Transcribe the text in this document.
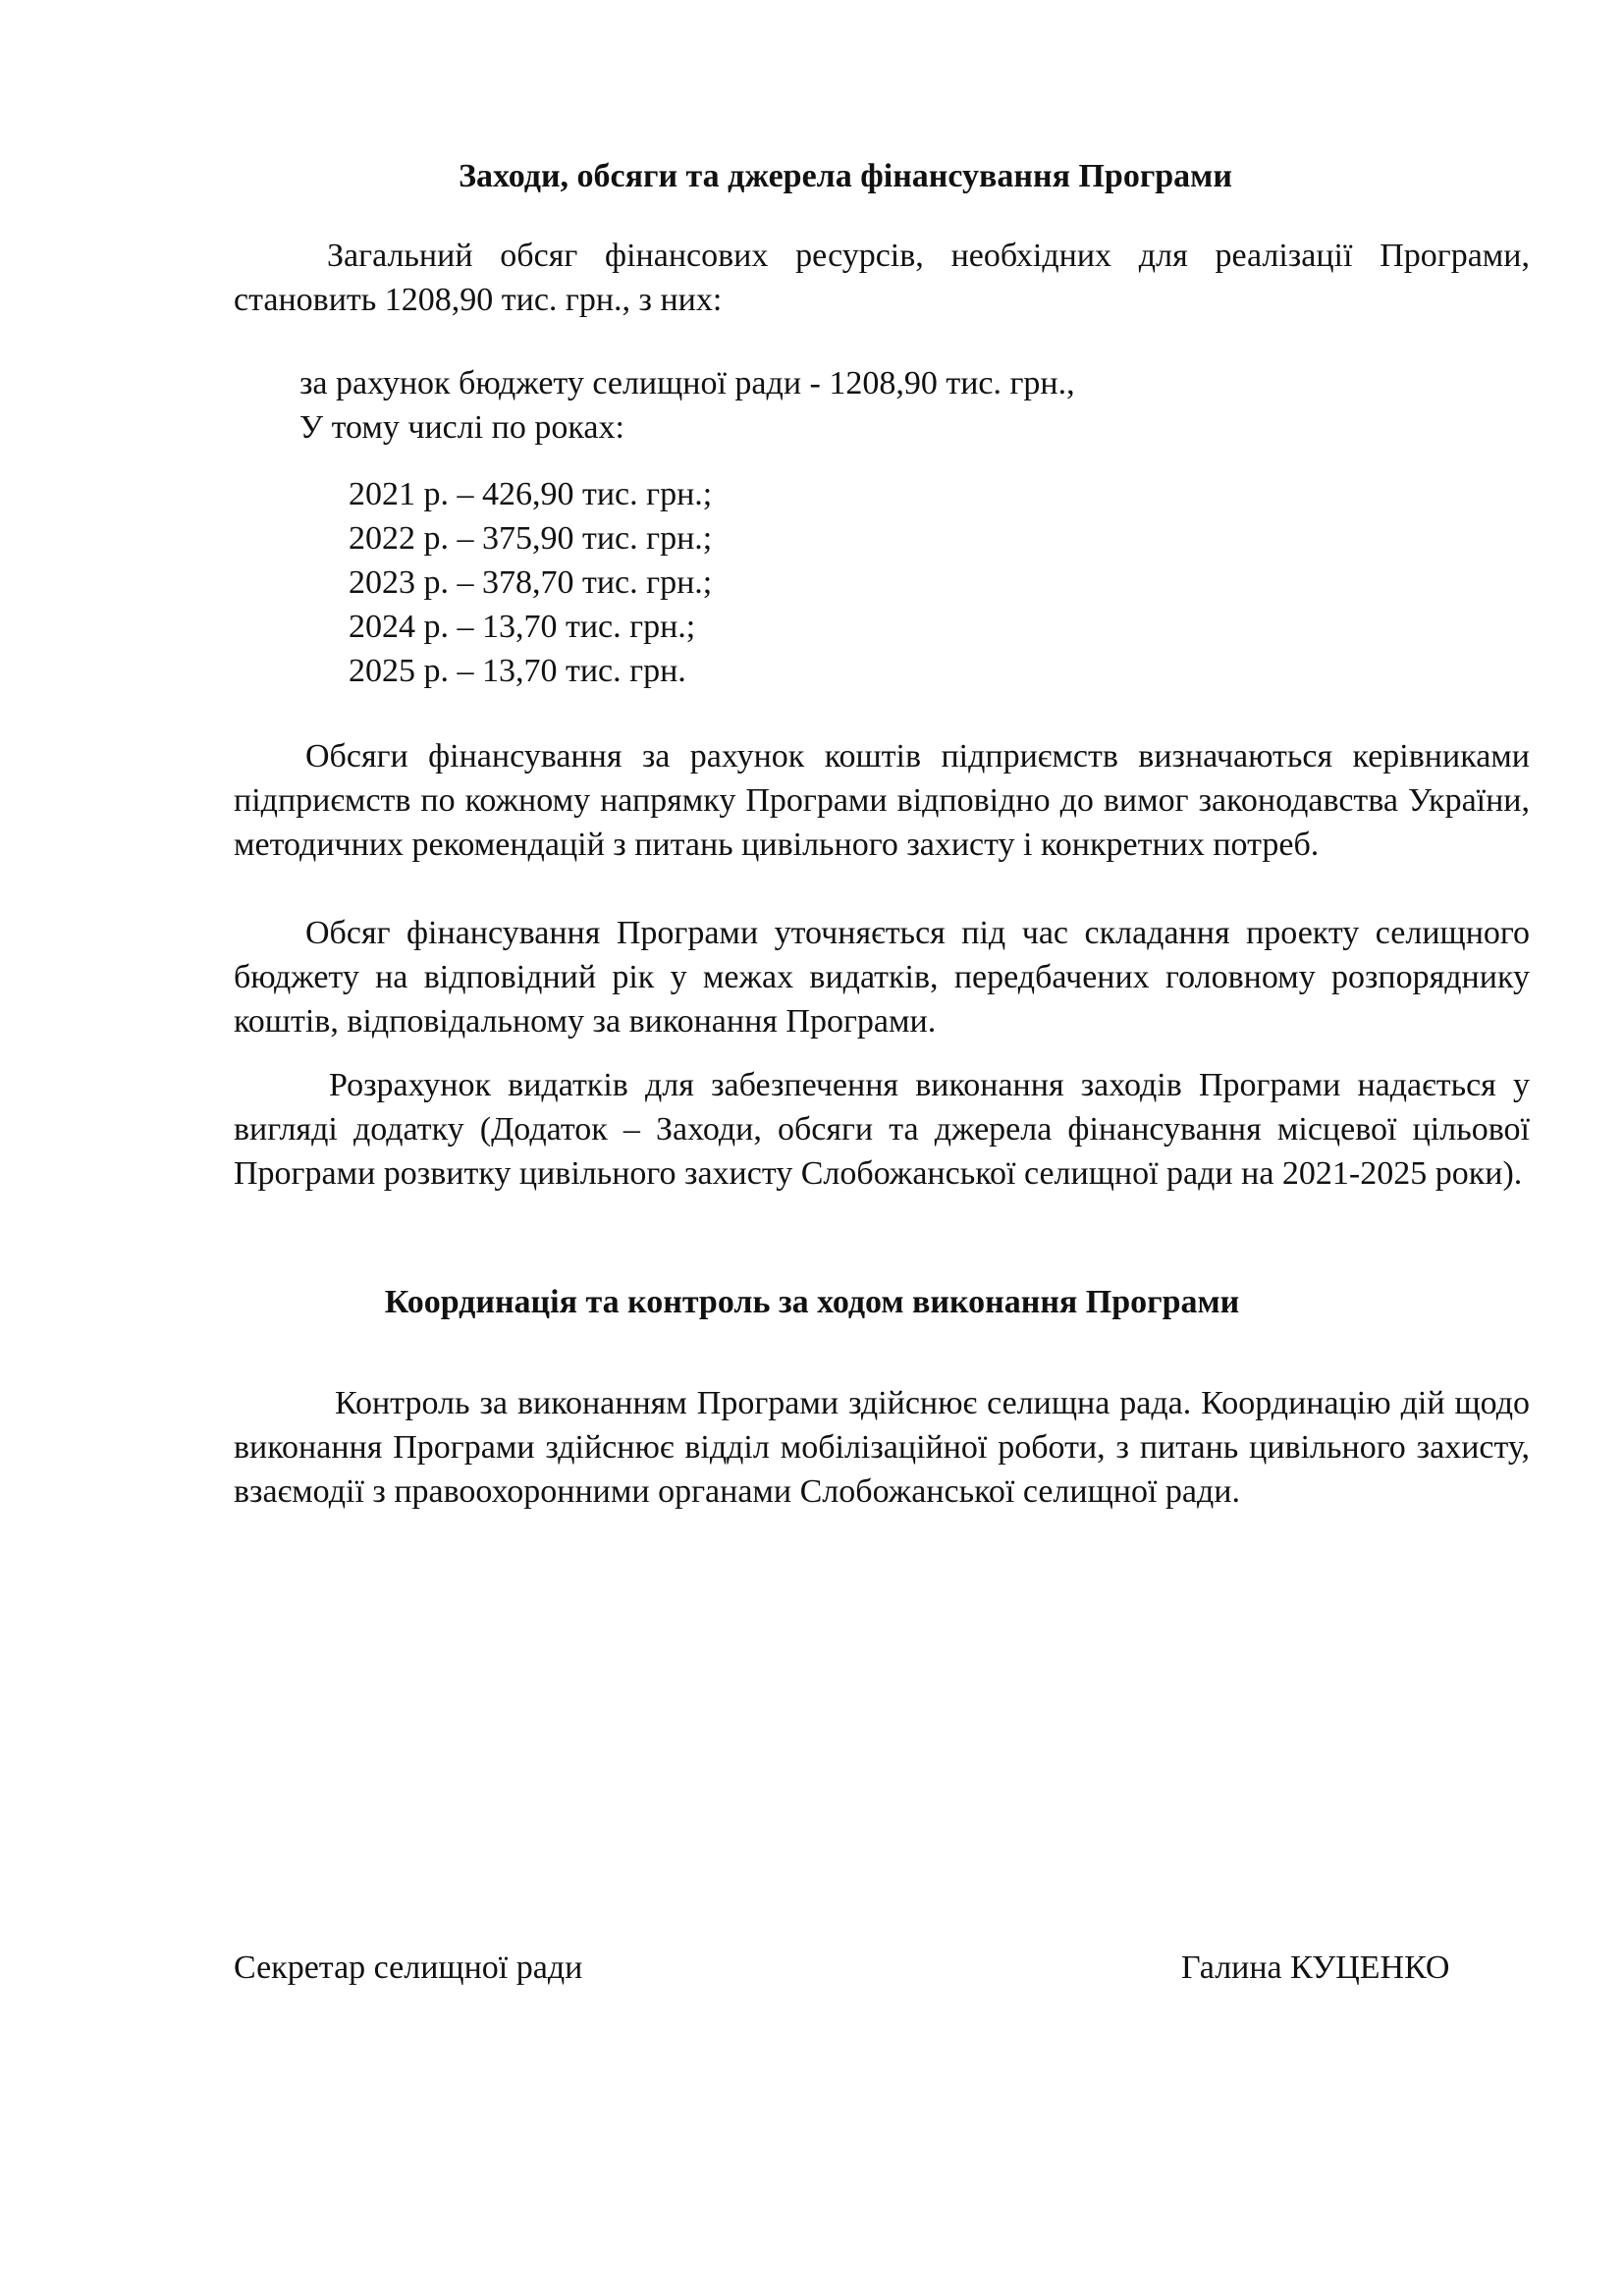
Заходи, обсяги та джерела фінансування Програми

Загальний обсяг фінансових ресурсів, необхідних для реалізації Програми, становить 1208,90 тис. грн., з них:

за рахунок бюджету селищної ради - 1208,90 тис. грн.,

У тому числі по роках:

2021 р. – 426,90 тис. грн.;
2022 р. – 375,90 тис. грн.;
2023 р. – 378,70 тис. грн.;
2024 р. – 13,70 тис. грн.;
2025 р. – 13,70 тис. грн.

Обсяги фінансування за рахунок коштів підприємств визначаються керівниками підприємств по кожному напрямку Програми відповідно до вимог законодавства України, методичних рекомендацій з питань цивільного захисту і конкретних потреб.

Обсяг фінансування Програми уточняється під час складання проекту селищного бюджету на відповідний рік у межах видатків, передбачених головному розпоряднику коштів, відповідальному за виконання Програми.

Розрахунок видатків для забезпечення виконання заходів Програми надається у вигляді додатку (Додаток – Заходи, обсяги та джерела фінансування місцевої цільової Програми розвитку цивільного захисту Слобожанської селищної ради на 2021-2025 роки).

Координація та контроль за ходом виконання Програми

Контроль за виконанням Програми здійснює селищна рада. Координацію дій щодо виконання Програми здійснює відділ мобілізаційної роботи, з питань цивільного захисту, взаємодії з правоохоронними органами Слобожанської селищної ради.

Секретар селищної ради	Галина КУЦЕНКО
